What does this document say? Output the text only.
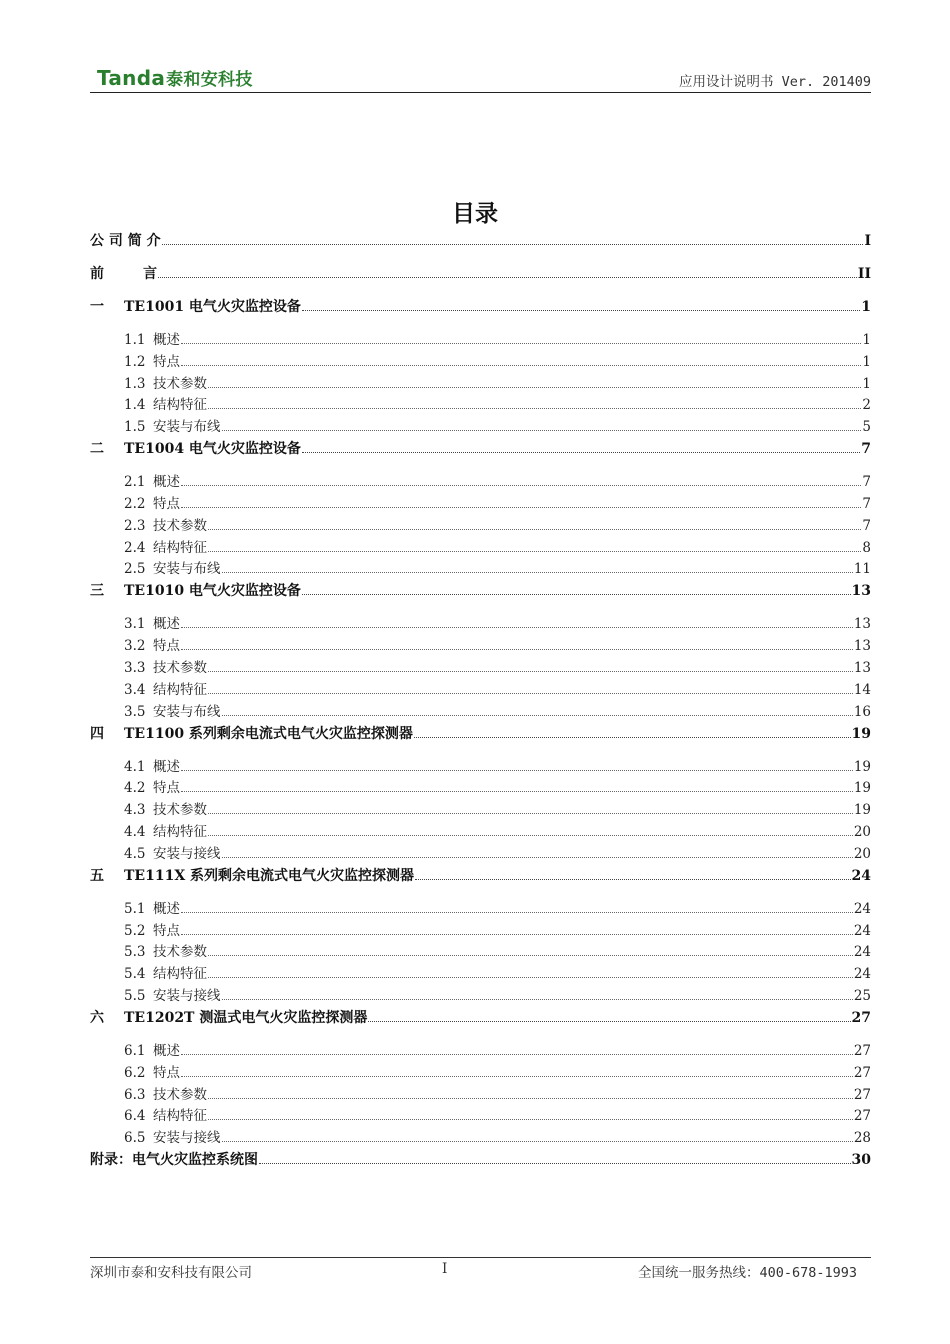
Tanda泰和安科技	应用设计说明书 Ver. 201409
目录
公 司 简 介	I
前        言	II
一	TE1001 电气火灾监控设备	1
1.1 概述	1
1.2 特点	1
1.3 技术参数	1
1.4 结构特征	2
1.5 安装与布线	5
二	TE1004 电气火灾监控设备	7
2.1 概述	7
2.2 特点	7
2.3 技术参数	7
2.4 结构特征	8
2.5 安装与布线	11
三	TE1010 电气火灾监控设备	13
3.1 概述	13
3.2 特点	13
3.3 技术参数	13
3.4 结构特征	14
3.5 安装与布线	16
四	TE1100 系列剩余电流式电气火灾监控探测器	19
4.1 概述	19
4.2 特点	19
4.3 技术参数	19
4.4 结构特征	20
4.5 安装与接线	20
五	TE111X 系列剩余电流式电气火灾监控探测器	24
5.1 概述	24
5.2 特点	24
5.3 技术参数	24
5.4 结构特征	24
5.5 安装与接线	25
六	TE1202T 测温式电气火灾监控探测器	27
6.1 概述	27
6.2 特点	27
6.3 技术参数	27
6.4 结构特征	27
6.5 安装与接线	28
附录：电气火灾监控系统图	30
深圳市泰和安科技有限公司	I	全国统一服务热线：400-678-1993
